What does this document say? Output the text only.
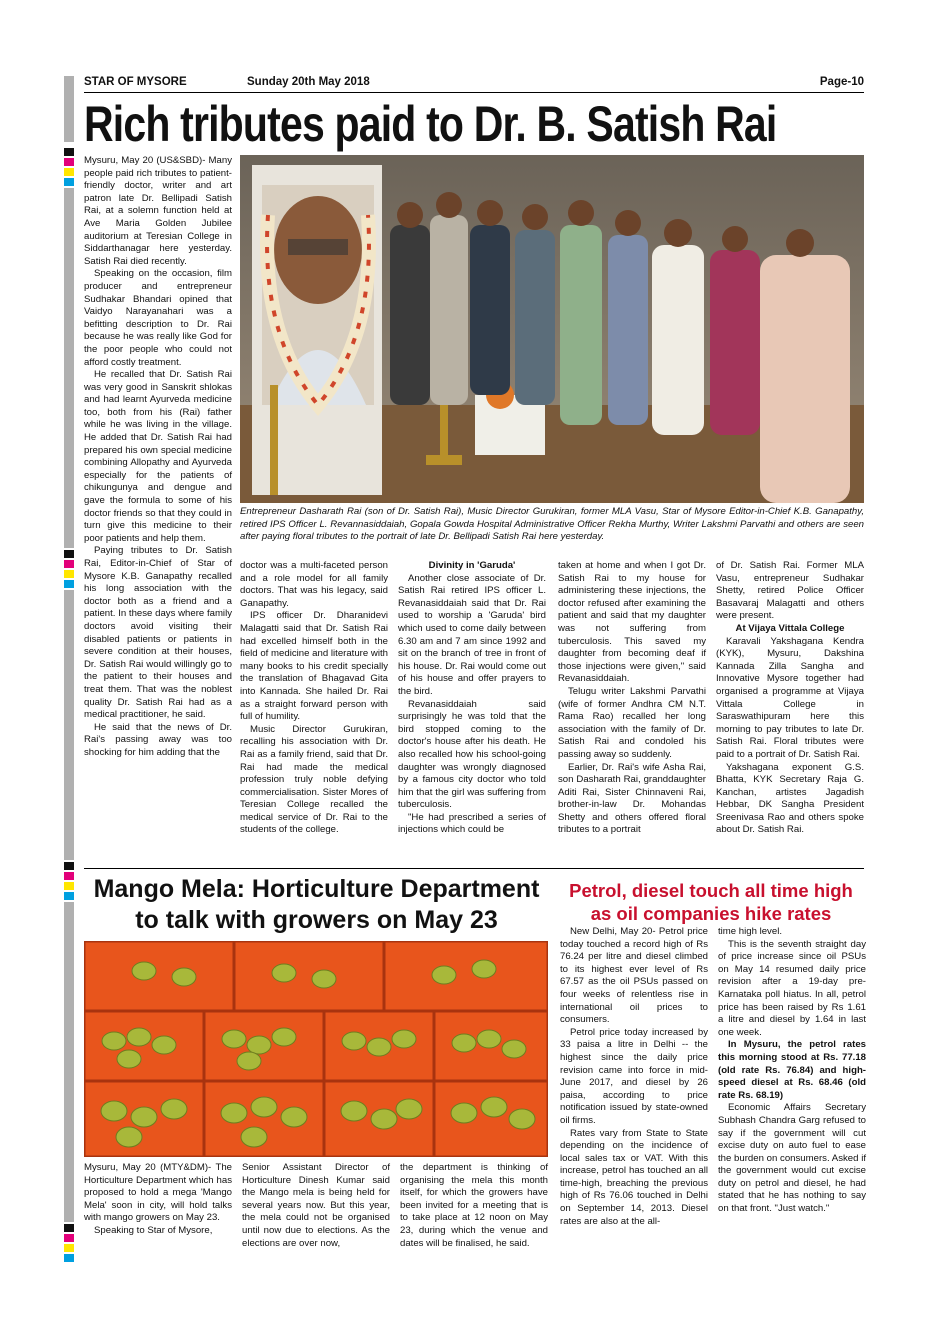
STAR OF MYSORE	Sunday 20th May 2018	Page-10
Rich tributes paid to Dr. B. Satish Rai

Mysuru, May 20 (US&SBD)- Many people paid rich tributes to patient-friendly doctor, writer and art patron late Dr. Bellipadi Satish Rai, at a solemn function held at Ave Maria Golden Jubilee auditorium at Teresian College in Siddarthanagar here yesterday. Satish Rai died recently.

Speaking on the occasion, film producer and entrepreneur Sudhakar Bhandari opined that Vaidyo Narayanahari was a befitting description to Dr. Rai because he was really like God for the poor people who could not afford costly treatment.

He recalled that Dr. Satish Rai was very good in Sanskrit shlokas and had learnt Ayurveda medicine too, both from his (Rai) father while he was living in the village. He added that Dr. Satish Rai had prepared his own special medicine combining Allopathy and Ayurveda especially for the patients of chikungunya and dengue and gave the formula to some of his doctor friends so that they could in turn give this medicine to their poor patients and help them.

Paying tributes to Dr. Satish Rai, Editor-in-Chief of Star of Mysore K.B. Ganapathy recalled his long association with the doctor both as a friend and a patient. In these days where family doctors avoid visiting their disabled patients or patients in severe condition at their houses, Dr. Satish Rai would willingly go to the patient to their houses and treat them. That was the noblest quality Dr. Satish Rai had as a medical practitioner, he said.

He said that the news of Dr. Rai's passing away was too shocking for him adding that the

Entrepreneur Dasharath Rai (son of Dr. Satish Rai), Music Director Gurukiran, former MLA Vasu, Star of Mysore Editor-in-Chief K.B. Ganapathy, retired IPS Officer L. Revannasiddaiah, Gopala Gowda Hospital Administrative Officer Rekha Murthy, Writer Lakshmi Parvathi and others are seen after paying floral tributes to the portrait of late Dr. Bellipadi Satish Rai here yesterday.

doctor was a multi-faceted person and a role model for all family doctors. That was his legacy, said Ganapathy.

IPS officer Dr. Dharanidevi Malagatti said that Dr. Satish Rai had excelled himself both in the field of medicine and literature with many books to his credit specially the translation of Bhagavad Gita into Kannada. She hailed Dr. Rai as a straight forward person with full of humility.

Music Director Gurukiran, recalling his association with Dr. Rai as a family friend, said that Dr. Rai had made the medical profession truly noble defying commercialisation. Sister Mores of Teresian College recalled the medical service of Dr. Rai to the students of the college.

Divinity in 'Garuda'

Another close associate of Dr. Satish Rai retired IPS officer L. Revanasiddaiah said that Dr. Rai used to worship a 'Garuda' bird which used to come daily between 6.30 am and 7 am since 1992 and sit on the branch of tree in front of his house. Dr. Rai would come out of his house and offer prayers to the bird.

Revanasiddaiah said surprisingly he was told that the bird stopped coming to the doctor's house after his death. He also recalled how his school-going daughter was wrongly diagnosed by a famous city doctor who told him that the girl was suffering from tuberculosis.

"He had prescribed a series of injections which could be

taken at home and when I got Dr. Satish Rai to my house for administering these injections, the doctor refused after examining the patient and said that my daughter was not suffering from tuberculosis. This saved my daughter from becoming deaf if those injections were given," said Revanasiddaiah.

Telugu writer Lakshmi Parvathi (wife of former Andhra CM N.T. Rama Rao) recalled her long association with the family of Dr. Satish Rai and condoled his passing away so suddenly.

Earlier, Dr. Rai's wife Asha Rai, son Dasharath Rai, granddaughter Aditi Rai, Sister Chinnaveni Rai, brother-in-law Dr. Mohandas Shetty and others offered floral tributes to a portrait

of Dr. Satish Rai. Former MLA Vasu, entrepreneur Sudhakar Shetty, retired Police Officer Basavaraj Malagatti and others were present.

At Vijaya Vittala College

Karavali Yakshagana Kendra (KYK), Mysuru, Dakshina Kannada Zilla Sangha and Innovative Mysore together had organised a programme at Vijaya Vittala College in Saraswathipuram here this morning to pay tributes to late Dr. Satish Rai. Floral tributes were paid to a portrait of Dr. Satish Rai.

Yakshagana exponent G.S. Bhatta, KYK Secretary Raja G. Kanchan, artistes Jagadish Hebbar, DK Sangha President Sreenivasa Rao and others spoke about Dr. Satish Rai.

Mango Mela: Horticulture Department
to talk with growers on May 23
Petrol, diesel touch all time high
as oil companies hike rates

Mysuru, May 20 (MTY&DM)- The Horticulture Department which has proposed to hold a mega 'Mango Mela' soon in city, will hold talks with mango growers on May 23.

Speaking to Star of Mysore,

Senior Assistant Director of Horticulture Dinesh Kumar said the Mango mela is being held for several years now. But this year, the mela could not be organised until now due to elections. As the elections are over now,

the department is thinking of organising the mela this month itself, for which the growers have been invited for a meeting that is to take place at 12 noon on May 23, during which the venue and dates will be finalised, he said.

New Delhi, May 20- Petrol price today touched a record high of Rs 76.24 per litre and diesel climbed to its highest ever level of Rs 67.57 as the oil PSUs passed on four weeks of relentless rise in international oil prices to consumers.

Petrol price today increased by 33 paisa a litre in Delhi -- the highest since the daily price revision came into force in mid-June 2017, and diesel by 26 paisa, according to price notification issued by state-owned oil firms.

Rates vary from State to State depending on the incidence of local sales tax or VAT. With this increase, petrol has touched an all time-high, breaching the previous high of Rs 76.06 touched in Delhi on September 14, 2013. Diesel rates are also at the all-

time high level.

This is the seventh straight day of price increase since oil PSUs on May 14 resumed daily price revision after a 19-day pre-Karnataka poll hiatus. In all, petrol price has been raised by Rs 1.61 a litre and diesel by 1.64 in last one week.

In Mysuru, the petrol rates this morning stood at Rs. 77.18 (old rate Rs. 76.84) and high-speed diesel at Rs. 68.46 (old rate Rs. 68.19)

Economic Affairs Secretary Subhash Chandra Garg refused to say if the government will cut excise duty on auto fuel to ease the burden on consumers. Asked if the government would cut excise duty on petrol and diesel, he had stated that he has nothing to say on that front. "Just watch."
